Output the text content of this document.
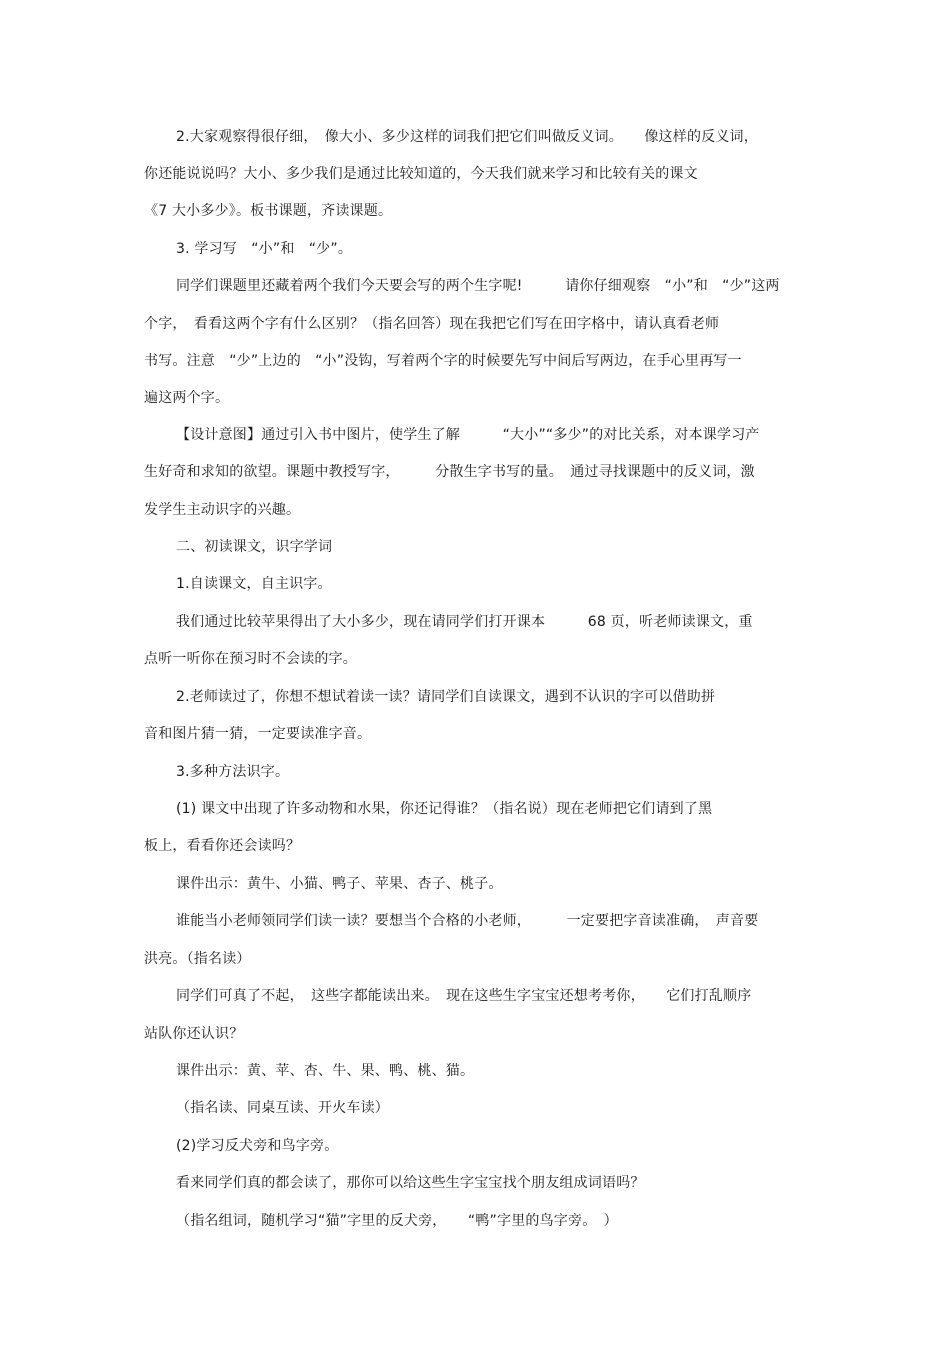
2.大家观察得很仔细，　像大小、多少这样的词我们把它们叫做反义词。　　像这样的反义词，
你还能说说吗？大小、多少我们是通过比较知道的，今天我们就来学习和比较有关的课文
《7 大小多少》。板书课题，齐读课题。
3. 学习写　“小”和　“少”。
同学们课题里还藏着两个我们今天要会写的两个生字呢!　　　请你仔细观察　“小”和　“少”这两
个字，　看看这两个字有什么区别？（指名回答）现在我把它们写在田字格中，请认真看老师
书写。注意　“少”上边的　“小”没钩，写着两个字的时候要先写中间后写两边，在手心里再写一
遍这两个字。
【设计意图】通过引入书中图片，使学生了解　　　“大小”“多少”的对比关系，对本课学习产
生好奇和求知的欲望。课题中教授写字，　　　分散生字书写的量。　通过寻找课题中的反义词，激
发学生主动识字的兴趣。
二、初读课文，识字学词
1.自读课文，自主识字。
我们通过比较苹果得出了大小多少，现在请同学们打开课本　　　68 页，听老师读课文，重
点听一听你在预习时不会读的字。
2.老师读过了，你想不想试着读一读？请同学们自读课文，遇到不认识的字可以借助拼
音和图片猜一猜，一定要读准字音。
3.多种方法识字。
(1) 课文中出现了许多动物和水果，你还记得谁？（指名说）现在老师把它们请到了黑
板上，看看你还会读吗？
课件出示：黄牛、小猫、鸭子、苹果、杏子、桃子。
谁能当小老师领同学们读一读？要想当个合格的小老师，　　　一定要把字音读准确，　声音要
洪亮。（指名读）
同学们可真了不起，　这些字都能读出来。　现在这些生字宝宝还想考考你，　　它们打乱顺序
站队你还认识？
课件出示：黄、苹、杏、牛、果、鸭、桃、猫。
（指名读、同桌互读、开火车读）
(2)学习反犬旁和鸟字旁。
看来同学们真的都会读了，那你可以给这些生字宝宝找个朋友组成词语吗？
（指名组词，随机学习“猫”字里的反犬旁，　　“鸭”字里的鸟字旁。　）
